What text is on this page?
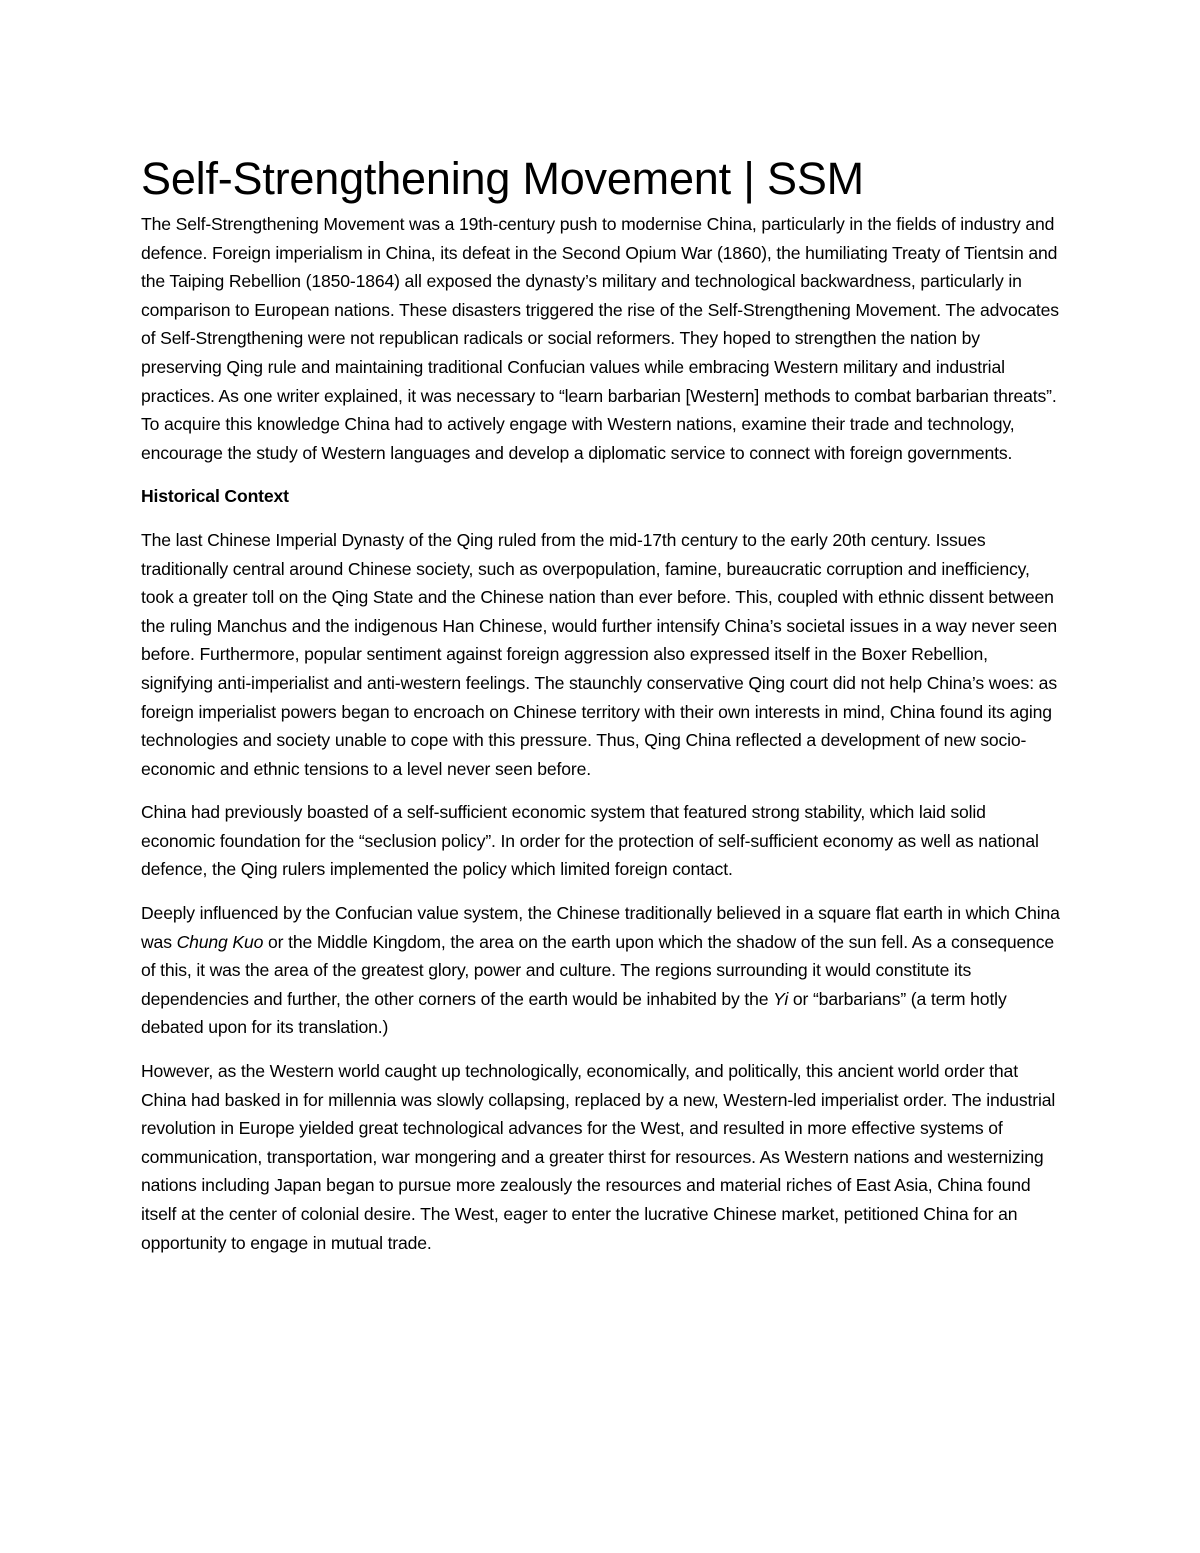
Self-Strengthening Movement | SSM

The Self-Strengthening Movement was a 19th-century push to modernise China, particularly in the fields of industry and defence. Foreign imperialism in China, its defeat in the Second Opium War (1860), the humiliating Treaty of Tientsin and the Taiping Rebellion (1850-1864) all exposed the dynasty’s military and technological backwardness, particularly in comparison to European nations. These disasters triggered the rise of the Self-Strengthening Movement. The advocates of Self-Strengthening were not republican radicals or social reformers. They hoped to strengthen the nation by preserving Qing rule and maintaining traditional Confucian values while embracing Western military and industrial practices. As one writer explained, it was necessary to “learn barbarian [Western] methods to combat barbarian threats”. To acquire this knowledge China had to actively engage with Western nations, examine their trade and technology, encourage the study of Western languages and develop a diplomatic service to connect with foreign governments.

Historical Context

The last Chinese Imperial Dynasty of the Qing ruled from the mid-17th century to the early 20th century. Issues traditionally central around Chinese society, such as overpopulation, famine, bureaucratic corruption and inefficiency, took a greater toll on the Qing State and the Chinese nation than ever before. This, coupled with ethnic dissent between the ruling Manchus and the indigenous Han Chinese, would further intensify China’s societal issues in a way never seen before. Furthermore, popular sentiment against foreign aggression also expressed itself in the Boxer Rebellion, signifying anti-imperialist and anti-western feelings. The staunchly conservative Qing court did not help China’s woes: as foreign imperialist powers began to encroach on Chinese territory with their own interests in mind, China found its aging technologies and society unable to cope with this pressure. Thus, Qing China reflected a development of new socio-economic and ethnic tensions to a level never seen before.

China had previously boasted of a self-sufficient economic system that featured strong stability, which laid solid economic foundation for the “seclusion policy”. In order for the protection of self-sufficient economy as well as national defence, the Qing rulers implemented the policy which limited foreign contact.

Deeply influenced by the Confucian value system, the Chinese traditionally believed in a square flat earth in which China was Chung Kuo or the Middle Kingdom, the area on the earth upon which the shadow of the sun fell. As a consequence of this, it was the area of the greatest glory, power and culture. The regions surrounding it would constitute its dependencies and further, the other corners of the earth would be inhabited by the Yi or “barbarians” (a term hotly debated upon for its translation.)

However, as the Western world caught up technologically, economically, and politically, this ancient world order that China had basked in for millennia was slowly collapsing, replaced by a new, Western-led imperialist order. The industrial revolution in Europe yielded great technological advances for the West, and resulted in more effective systems of communication, transportation, war mongering and a greater thirst for resources. As Western nations and westernizing nations including Japan began to pursue more zealously the resources and material riches of East Asia, China found itself at the center of colonial desire. The West, eager to enter the lucrative Chinese market, petitioned China for an opportunity to engage in mutual trade.
